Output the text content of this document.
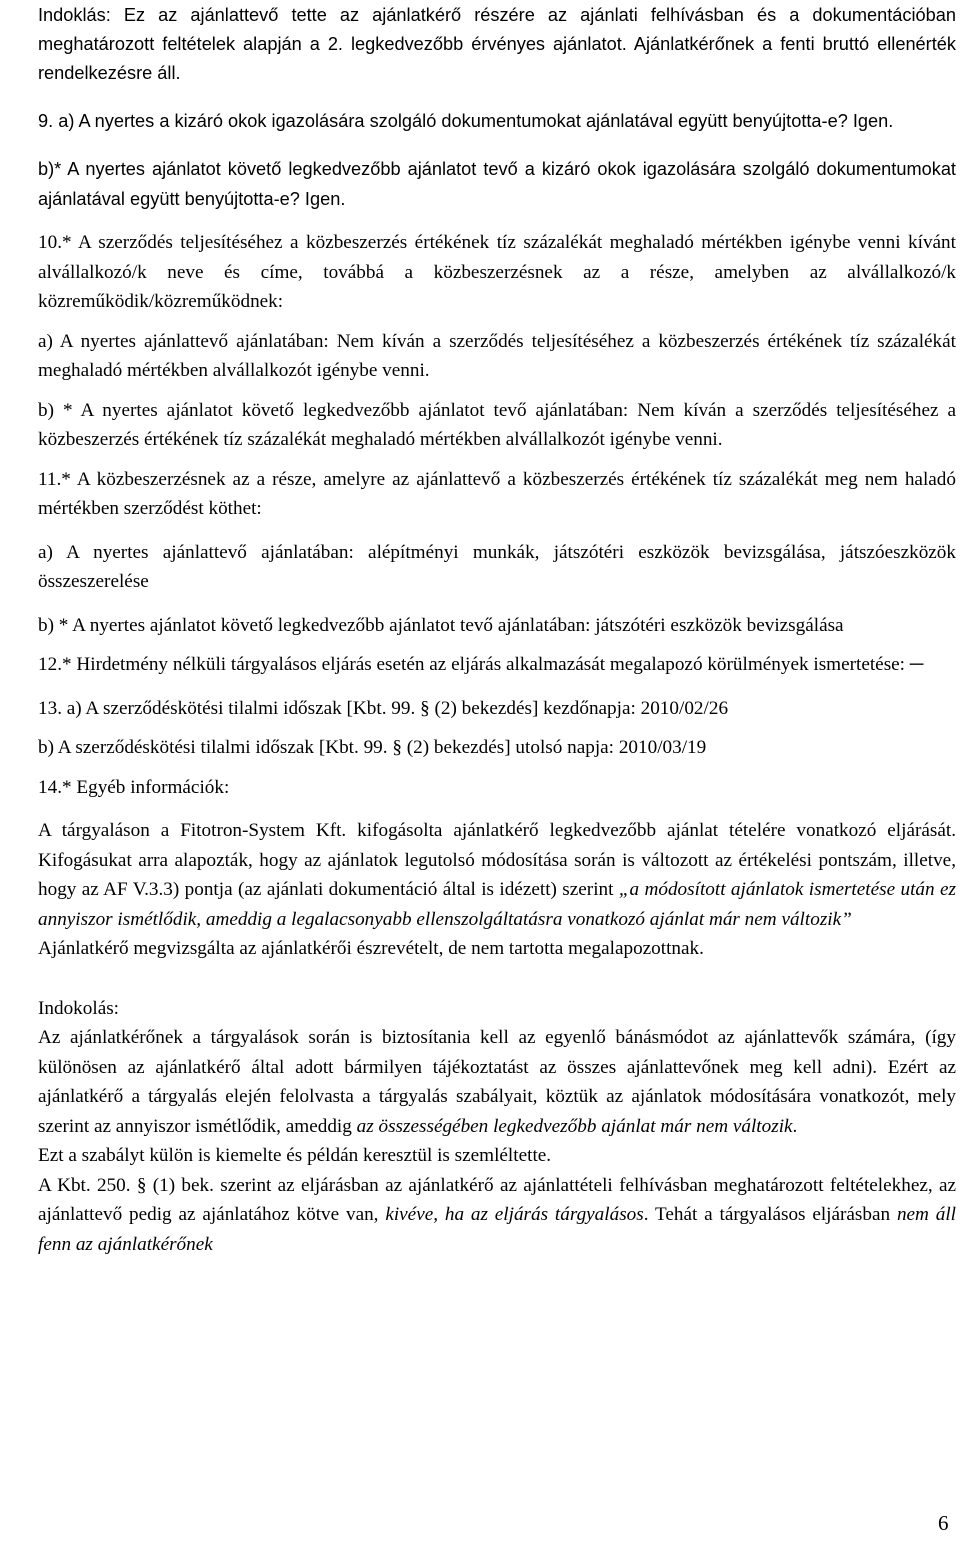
Indoklás: Ez az ajánlattevő tette az ajánlatkérő részére az ajánlati felhívásban és a dokumentációban meghatározott feltételek alapján a 2. legkedvezőbb érvényes ajánlatot. Ajánlatkérőnek a fenti bruttó ellenérték rendelkezésre áll.

9. a) A nyertes a kizáró okok igazolására szolgáló dokumentumokat ajánlatával együtt benyújtotta-e? Igen.

b)* A nyertes ajánlatot követő legkedvezőbb ajánlatot tevő a kizáró okok igazolására szolgáló dokumentumokat ajánlatával együtt benyújtotta-e? Igen.

10.* A szerződés teljesítéséhez a közbeszerzés értékének tíz százalékát meghaladó mértékben igénybe venni kívánt alvállalkozó/k neve és címe, továbbá a közbeszerzésnek az a része, amelyben az alvállalkozó/k közreműködik/közreműködnek:

a) A nyertes ajánlattevő ajánlatában: Nem kíván a szerződés teljesítéséhez a közbeszerzés értékének tíz százalékát meghaladó mértékben alvállalkozót igénybe venni.

b) * A nyertes ajánlatot követő legkedvezőbb ajánlatot tevő ajánlatában: Nem kíván a szerződés teljesítéséhez a közbeszerzés értékének tíz százalékát meghaladó mértékben alvállalkozót igénybe venni.

11.* A közbeszerzésnek az a része, amelyre az ajánlattevő a közbeszerzés értékének tíz százalékát meg nem haladó mértékben szerződést köthet:

a) A nyertes ajánlattevő ajánlatában: alépítményi munkák, játszótéri eszközök bevizsgálása, játszóeszközök összeszerelése

b) * A nyertes ajánlatot követő legkedvezőbb ajánlatot tevő ajánlatában: játszótéri eszközök bevizsgálása

12.* Hirdetmény nélküli tárgyalásos eljárás esetén az eljárás alkalmazását megalapozó körülmények ismertetése: ─

13. a) A szerződéskötési tilalmi időszak [Kbt. 99. § (2) bekezdés] kezdőnapja: 2010/02/26

b) A szerződéskötési tilalmi időszak [Kbt. 99. § (2) bekezdés] utolsó napja: 2010/03/19

14.* Egyéb információk:

A tárgyaláson a Fitotron-System Kft. kifogásolta ajánlatkérő legkedvezőbb ajánlat tételére vonatkozó eljárását. Kifogásukat arra alapozták, hogy az ajánlatok legutolsó módosítása során is változott az értékelési pontszám, illetve, hogy az AF V.3.3) pontja (az ajánlati dokumentáció által is idézett) szerint „a módosított ajánlatok ismertetése után ez annyiszor ismétlődik, ameddig a legalacsonyabb ellenszolgáltatásra vonatkozó ajánlat már nem változik”

Ajánlatkérő megvizsgálta az ajánlatkérői észrevételt, de nem tartotta megalapozottnak.

Indokolás:

Az ajánlatkérőnek a tárgyalások során is biztosítania kell az egyenlő bánásmódot az ajánlattevők számára, (így különösen az ajánlatkérő által adott bármilyen tájékoztatást az összes ajánlattevőnek meg kell adni). Ezért az ajánlatkérő a tárgyalás elején felolvasta a tárgyalás szabályait, köztük az ajánlatok módosítására vonatkozót, mely szerint az annyiszor ismétlődik, ameddig az összességében legkedvezőbb ajánlat már nem változik.

Ezt a szabályt külön is kiemelte és példán keresztül is szemléltette.

A Kbt. 250. § (1) bek. szerint az eljárásban az ajánlatkérő az ajánlattételi felhívásban meghatározott feltételekhez, az ajánlattevő pedig az ajánlatához kötve van, kivéve, ha az eljárás tárgyalásos. Tehát a tárgyalásos eljárásban nem áll fenn az ajánlatkérőnek

6
